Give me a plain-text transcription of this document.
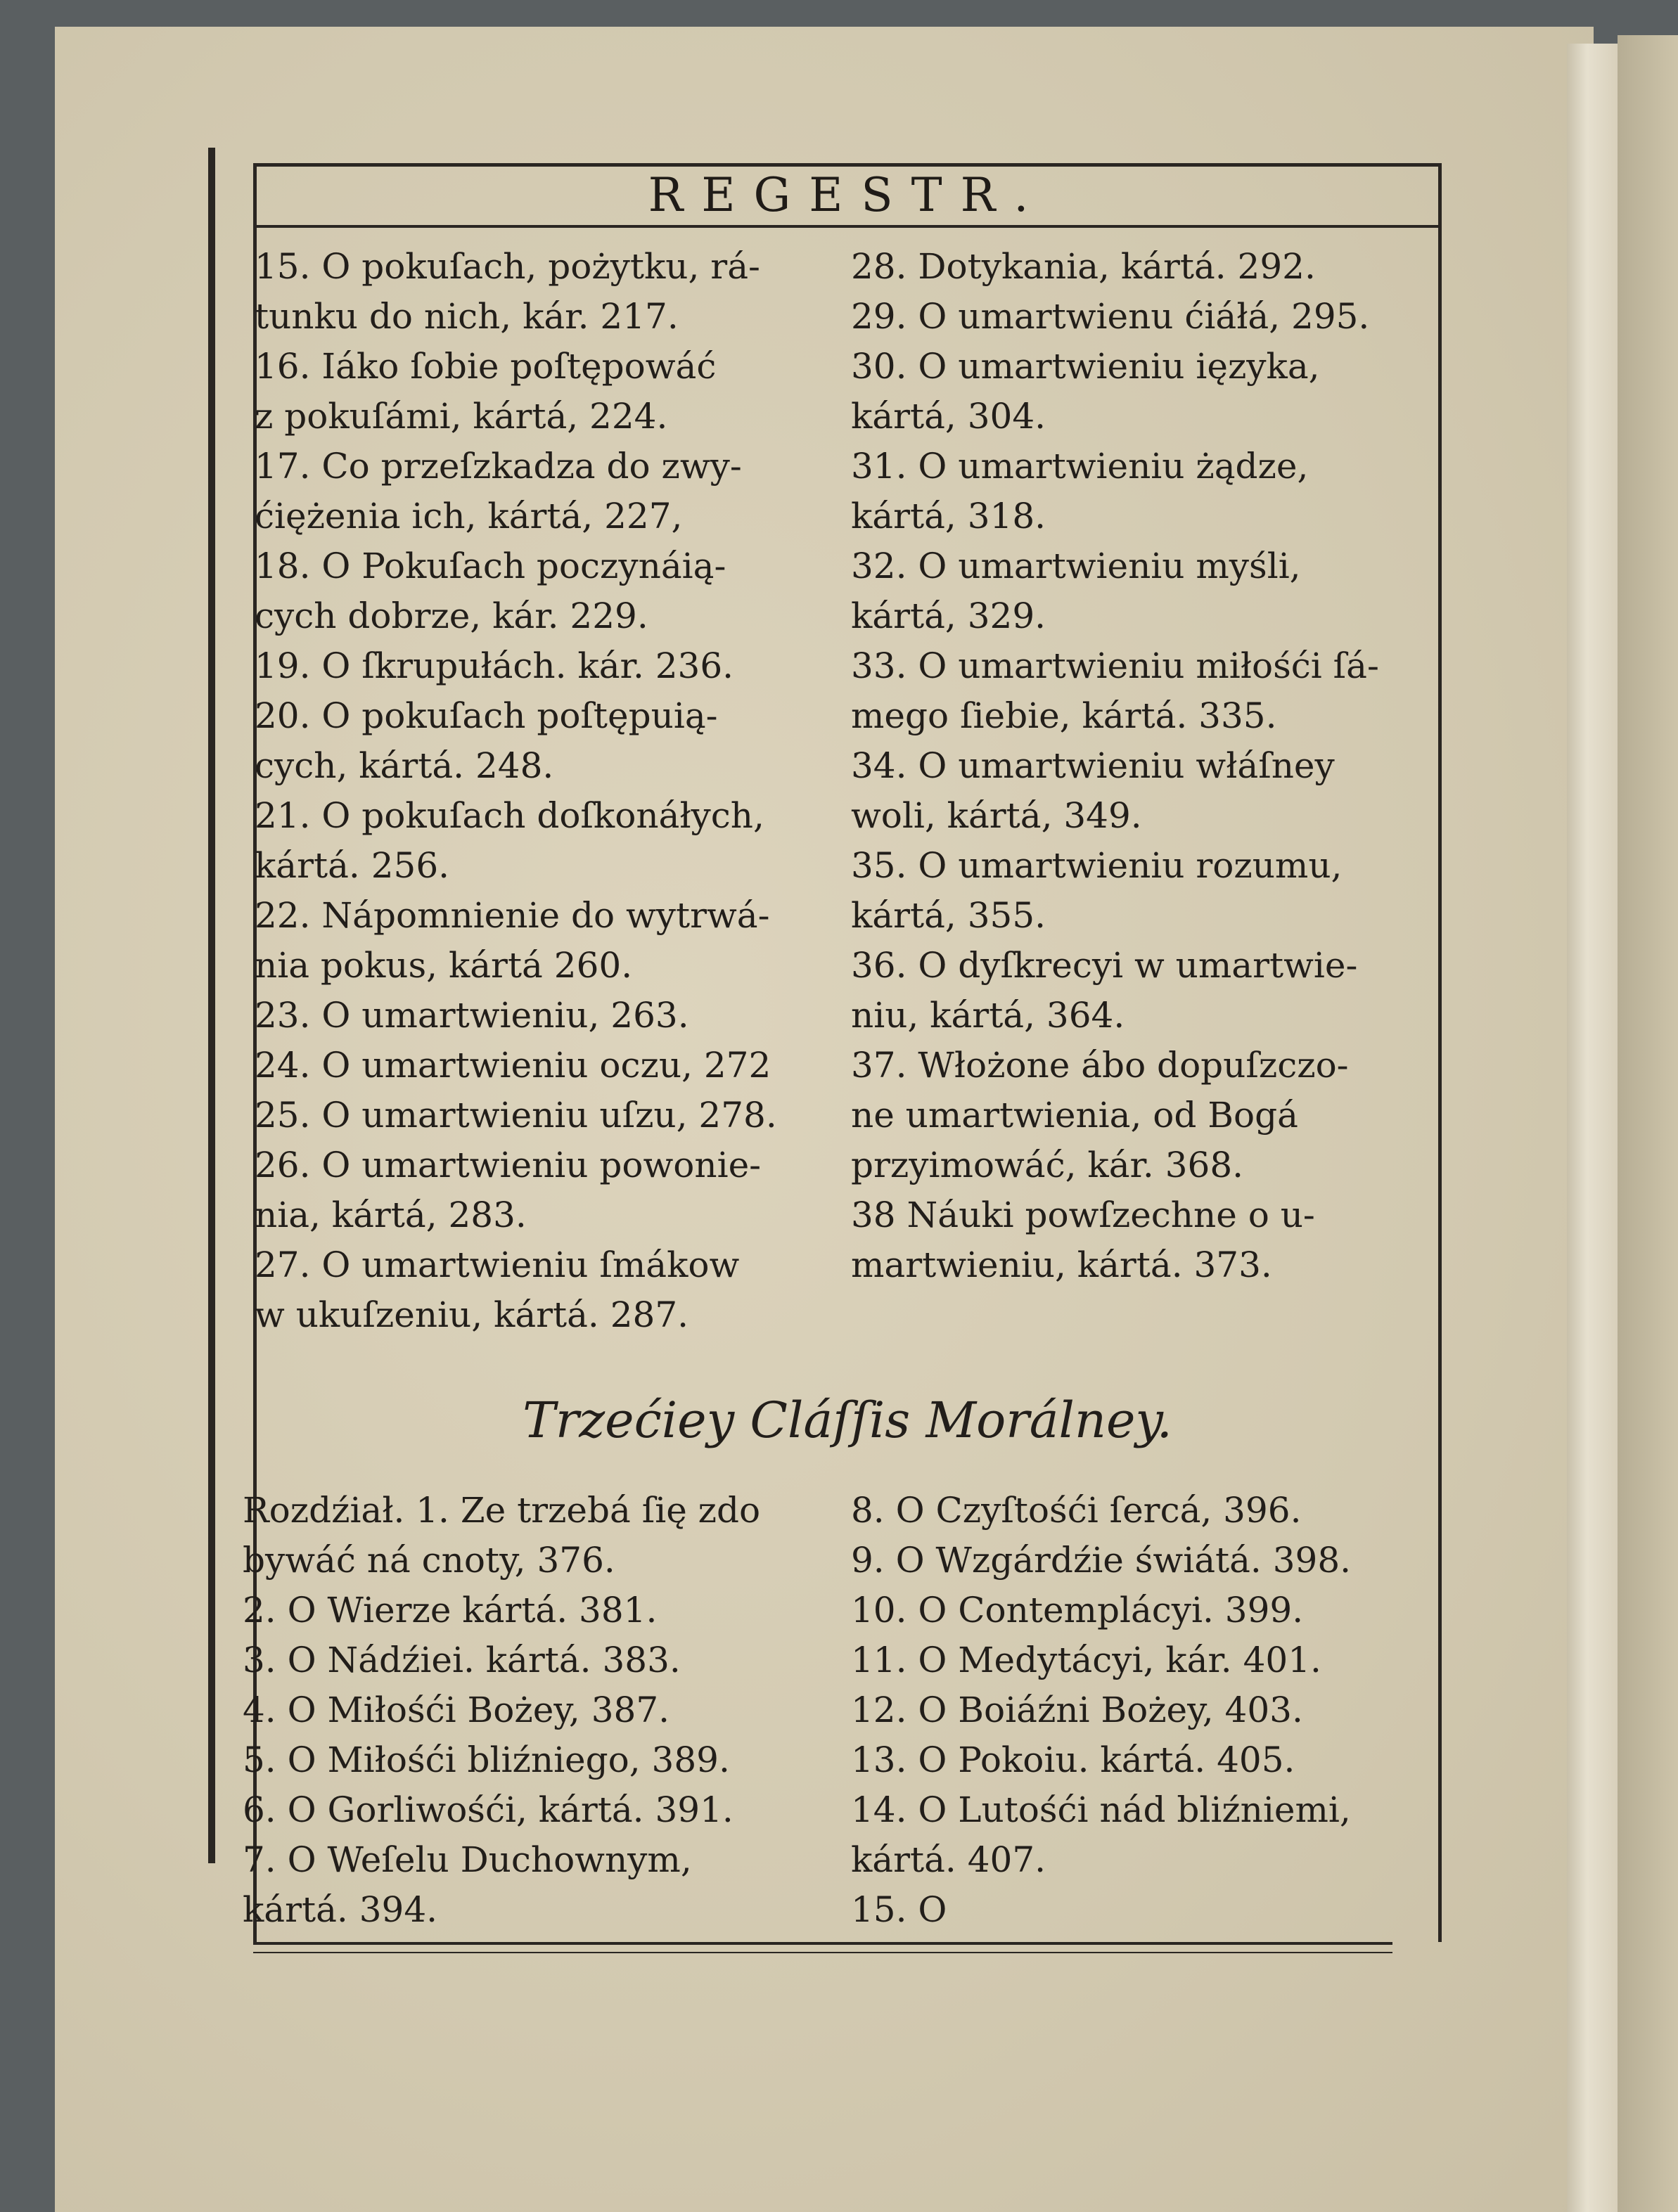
REGESTR.
15. O pokuſach, pożytku, rá-
tunku do nich, kár. 217.
16. Iáko ſobie poſtępowáć
z pokuſámi, kártá, 224.
17. Co przeſzkadza do zwy-
ćiężenia ich, kártá, 227,
18. O Pokuſach poczynáią-
cych dobrze, kár. 229.
19. O ſkrupułách. kár. 236.
20. O pokuſach poſtępuią-
cych, kártá. 248.
21. O pokuſach doſkonáłych,
kártá. 256.
22. Nápomnienie do wytrwá-
nia pokus, kártá 260.
23. O umartwieniu, 263.
24. O umartwieniu oczu, 272
25. O umartwieniu uſzu, 278.
26. O umartwieniu powonie-
nia, kártá, 283.
27. O umartwieniu ſmákow
w ukuſzeniu, kártá. 287.
28. Dotykania, kártá. 292.
29. O umartwienu ćiáłá, 295.
30. O umartwieniu ięzyka,
kártá, 304.
31. O umartwieniu żądze,
kártá, 318.
32. O umartwieniu myśli,
kártá, 329.
33. O umartwieniu miłośći ſá-
mego ſiebie, kártá. 335.
34. O umartwieniu włáſney
woli, kártá, 349.
35. O umartwieniu rozumu,
kártá, 355.
36. O dyſkrecyi w umartwie-
niu, kártá, 364.
37. Włożone ábo dopuſzczo-
ne umartwienia, od Bogá
przyimowáć, kár. 368.
38 Náuki powſzechne o u-
martwieniu, kártá. 373.
Trzećiey Cláſſis Morálney.
Rozdźiał. 1. Ze trzebá ſię zdo
bywáć ná cnoty, 376.
2. O Wierze kártá. 381.
3. O Nádźiei. kártá. 383.
4. O Miłośći Bożey, 387.
5. O Miłośći bliźniego, 389.
6. O Gorliwośći, kártá. 391.
7. O Weſelu Duchownym,
kártá. 394.
8. O Czyſtośći ſercá, 396.
9. O Wzgárdźie świátá. 398.
10. O Contemplácyi. 399.
11. O Medytácyi, kár. 401.
12. O Boiáźni Bożey, 403.
13. O Pokoiu. kártá. 405.
14. O Lutośći nád bliźniemi,
kártá. 407.
15. O
